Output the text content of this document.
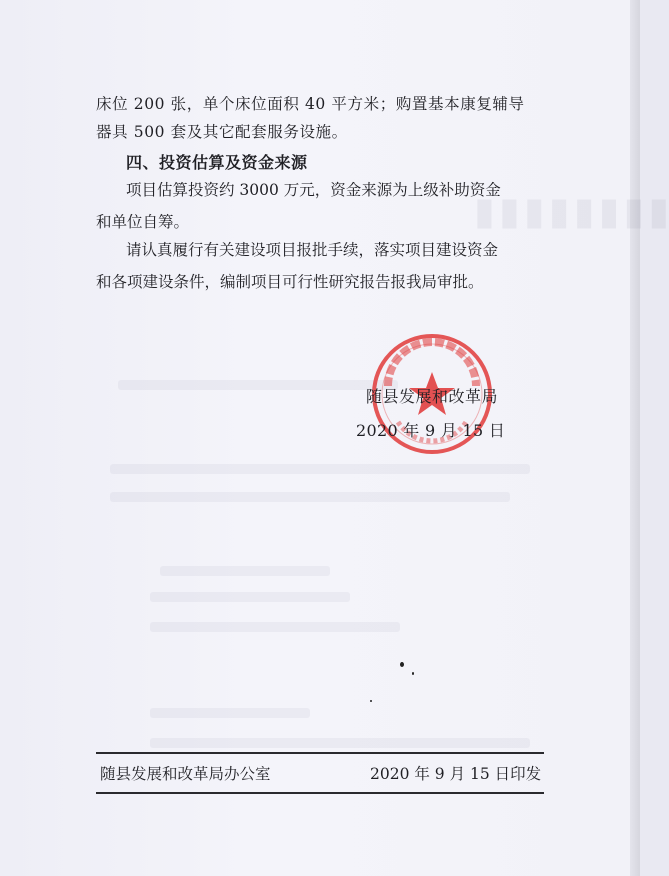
▮▮▮▮▮▮▮▮
床位 200 张，单个床位面积 40 平方米；购置基本康复辅导
器具 500 套及其它配套服务设施。
四、投资估算及资金来源
项目估算投资约 3000 万元，资金来源为上级补助资金
和单位自筹。
请认真履行有关建设项目报批手续，落实项目建设资金
和各项建设条件，编制项目可行性研究报告报我局审批。
随县发展和改革局
2020 年 9 月 15 日
随县发展和改革局办公室	2020 年 9 月 15 日印发
